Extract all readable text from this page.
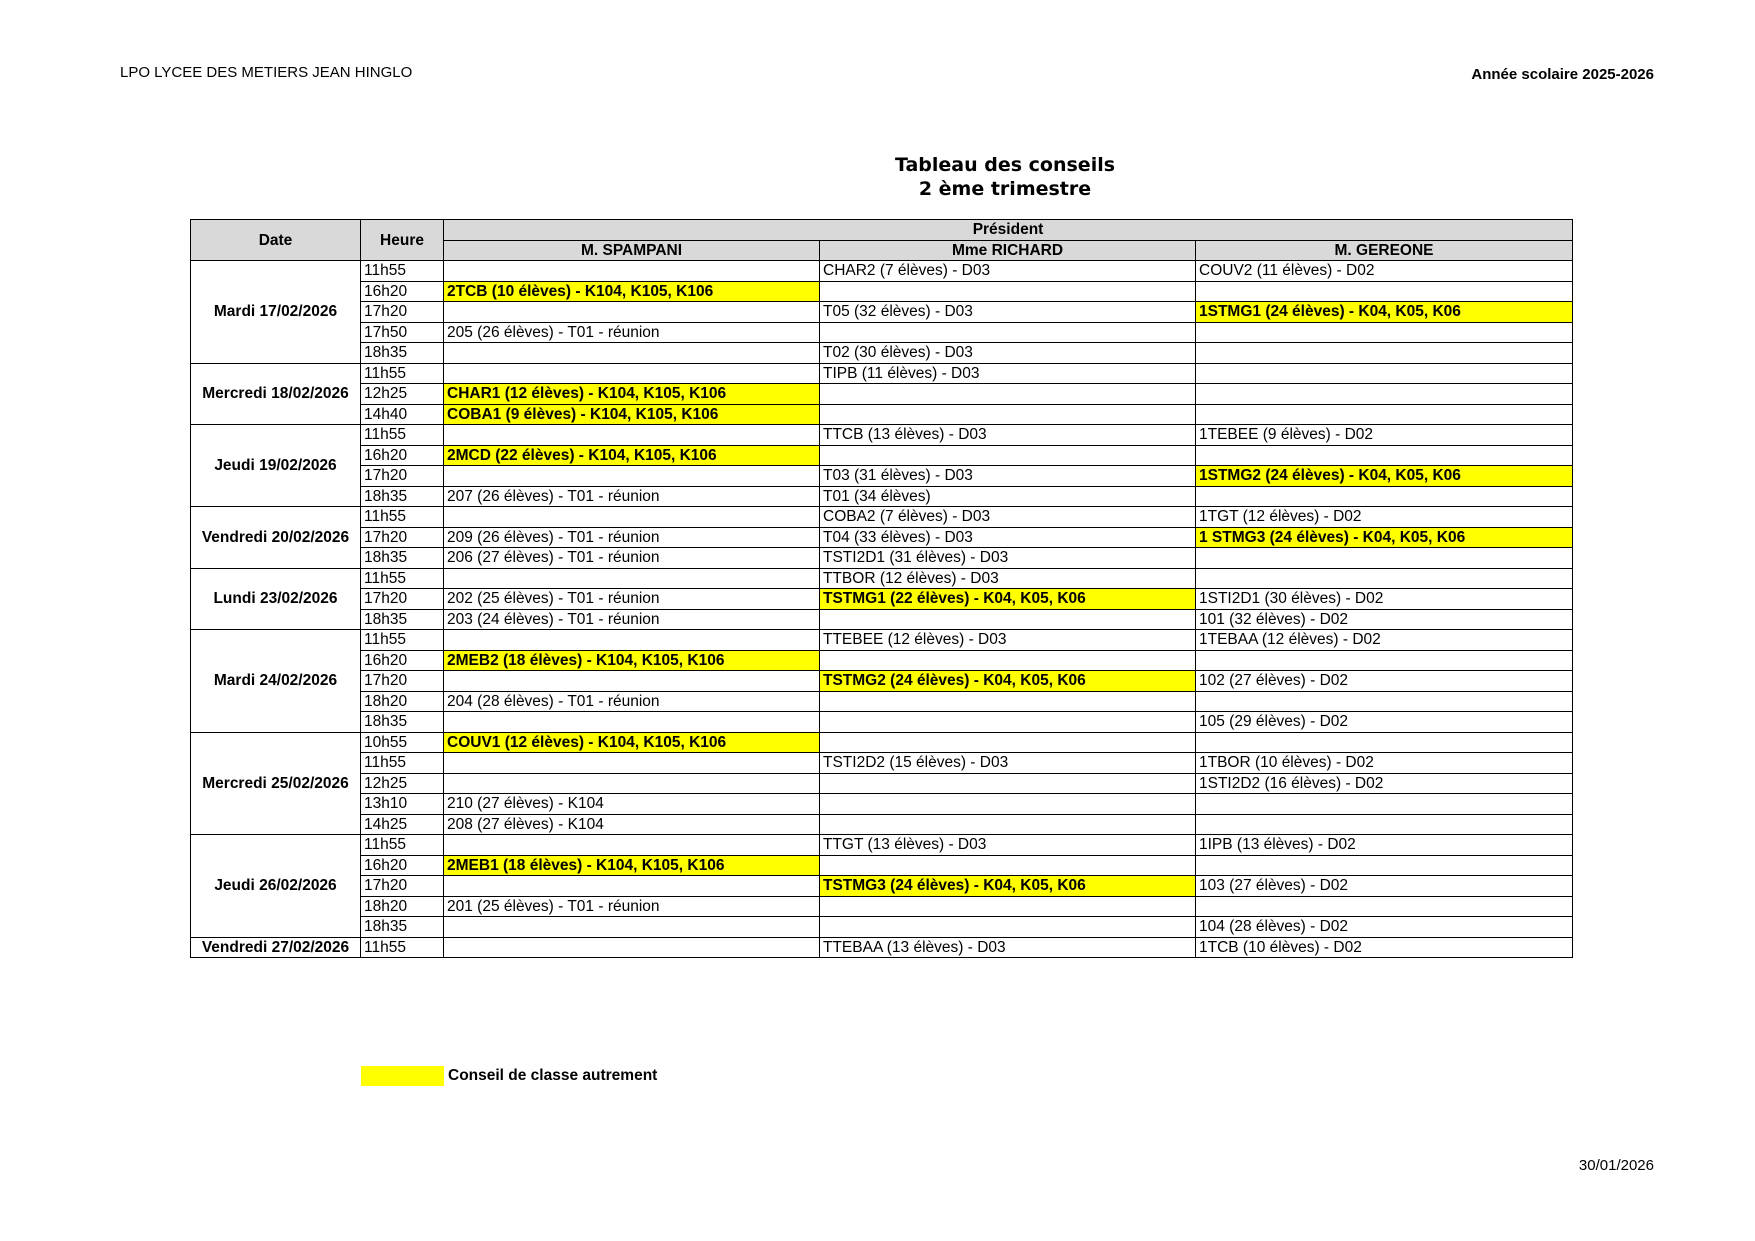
LPO LYCEE DES METIERS JEAN HINGLO	Année scolaire 2025-2026
Tableau des conseils
2 ème trimestre
Date	Heure	Président		
		M. SPAMPANI	Mme RICHARD	M. GEREONE
Mardi 17/02/2026	11h55		CHAR2 (7 élèves) - D03	COUV2 (11 élèves) - D02
	16h20	2TCB (10 élèves) - K104, K105, K106		
	17h20		T05 (32 élèves) - D03	1STMG1 (24 élèves) - K04, K05, K06
	17h50	205 (26 élèves) - T01 - réunion		
	18h35		T02 (30 élèves) - D03	
Mercredi 18/02/2026	11h55		TIPB (11 élèves) - D03	
	12h25	CHAR1 (12 élèves) - K104, K105, K106		
	14h40	COBA1 (9 élèves) - K104, K105, K106		
Jeudi 19/02/2026	11h55		TTCB (13 élèves) - D03	1TEBEE (9 élèves) - D02
	16h20	2MCD (22 élèves) - K104, K105, K106		
	17h20		T03 (31 élèves) - D03	1STMG2 (24 élèves) - K04, K05, K06
	18h35	207 (26 élèves) - T01 - réunion	T01 (34 élèves)	
Vendredi 20/02/2026	11h55		COBA2 (7 élèves) - D03	1TGT (12 élèves) - D02
	17h20	209 (26 élèves) - T01 - réunion	T04 (33 élèves) - D03	1 STMG3 (24 élèves) - K04, K05, K06
	18h35	206 (27 élèves) - T01 - réunion	TSTI2D1 (31 élèves) - D03	
Lundi 23/02/2026	11h55		TTBOR (12 élèves) - D03	
	17h20	202 (25 élèves) - T01 - réunion	TSTMG1 (22 élèves) - K04, K05, K06	1STI2D1 (30 élèves) - D02
	18h35	203 (24 élèves) - T01 - réunion		101 (32 élèves) - D02
Mardi 24/02/2026	11h55		TTEBEE (12 élèves) - D03	1TEBAA (12 élèves) - D02
	16h20	2MEB2 (18 élèves) - K104, K105, K106		
	17h20		TSTMG2 (24 élèves) - K04, K05, K06	102 (27 élèves) - D02
	18h20	204 (28 élèves) - T01 - réunion		
	18h35			105 (29 élèves) - D02
Mercredi 25/02/2026	10h55	COUV1 (12 élèves) - K104, K105, K106		
	11h55		TSTI2D2 (15 élèves) - D03	1TBOR (10 élèves) - D02
	12h25			1STI2D2 (16 élèves) - D02
	13h10	210 (27 élèves) - K104		
	14h25	208 (27 élèves) - K104		
Jeudi 26/02/2026	11h55		TTGT (13 élèves) - D03	1IPB (13 élèves) - D02
	16h20	2MEB1 (18 élèves) - K104, K105, K106		
	17h20		TSTMG3 (24 élèves) - K04, K05, K06	103 (27 élèves) - D02
	18h20	201 (25 élèves) - T01 - réunion		
	18h35			104 (28 élèves) - D02
Vendredi 27/02/2026	11h55		TTEBAA (13 élèves) - D03	1TCB (10 élèves) - D02
Conseil de classe autrement
30/01/2026
